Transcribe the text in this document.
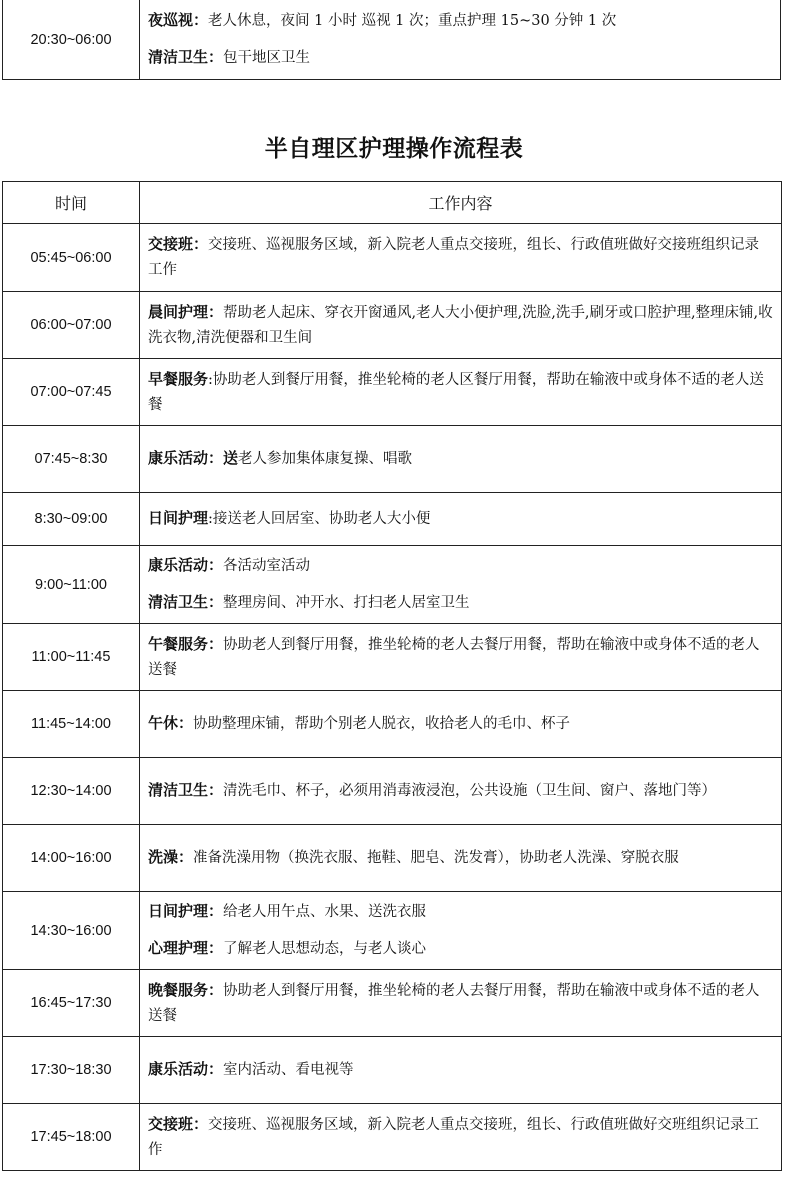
20:30~06:00	
夜巡视：老人休息，夜间 1 小时 巡视 1 次；重点护理 15~30 分钟 1 次
清洁卫生：包干地区卫生
半自理区护理操作流程表
时间	工作内容
05:45~06:00	交接班：交接班、巡视服务区域，新入院老人重点交接班，组长、行政值班做好交接班组织记录工作

06:00~07:00	晨间护理：帮助老人起床、穿衣开窗通风,老人大小便护理,洗脸,洗手,刷牙或口腔护理,整理床铺,收洗衣物,清洗便器和卫生间

07:00~07:45	早餐服务:协助老人到餐厅用餐，推坐轮椅的老人区餐厅用餐，帮助在输液中或身体不适的老人送餐

07:45~8:30	康乐活动：送老人参加集体康复操、唱歌

8:30~09:00	日间护理:接送老人回居室、协助老人大小便

9:00~11:00	康乐活动：各活动室活动
清洁卫生：整理房间、冲开水、打扫老人居室卫生

11:00~11:45	午餐服务：协助老人到餐厅用餐，推坐轮椅的老人去餐厅用餐，帮助在输液中或身体不适的老人送餐

11:45~14:00	午休：协助整理床铺，帮助个别老人脱衣，收拾老人的毛巾、杯子

12:30~14:00	清洁卫生：清洗毛巾、杯子，必须用消毒液浸泡，公共设施（卫生间、窗户、落地门等）

14:00~16:00	洗澡：准备洗澡用物（换洗衣服、拖鞋、肥皂、洗发膏），协助老人洗澡、穿脱衣服

14:30~16:00	日间护理：给老人用午点、水果、送洗衣服
心理护理：了解老人思想动态，与老人谈心

16:45~17:30	晚餐服务：协助老人到餐厅用餐，推坐轮椅的老人去餐厅用餐，帮助在输液中或身体不适的老人送餐

17:30~18:30	康乐活动：室内活动、看电视等

17:45~18:00	交接班：交接班、巡视服务区域，新入院老人重点交接班，组长、行政值班做好交班组织记录工作
